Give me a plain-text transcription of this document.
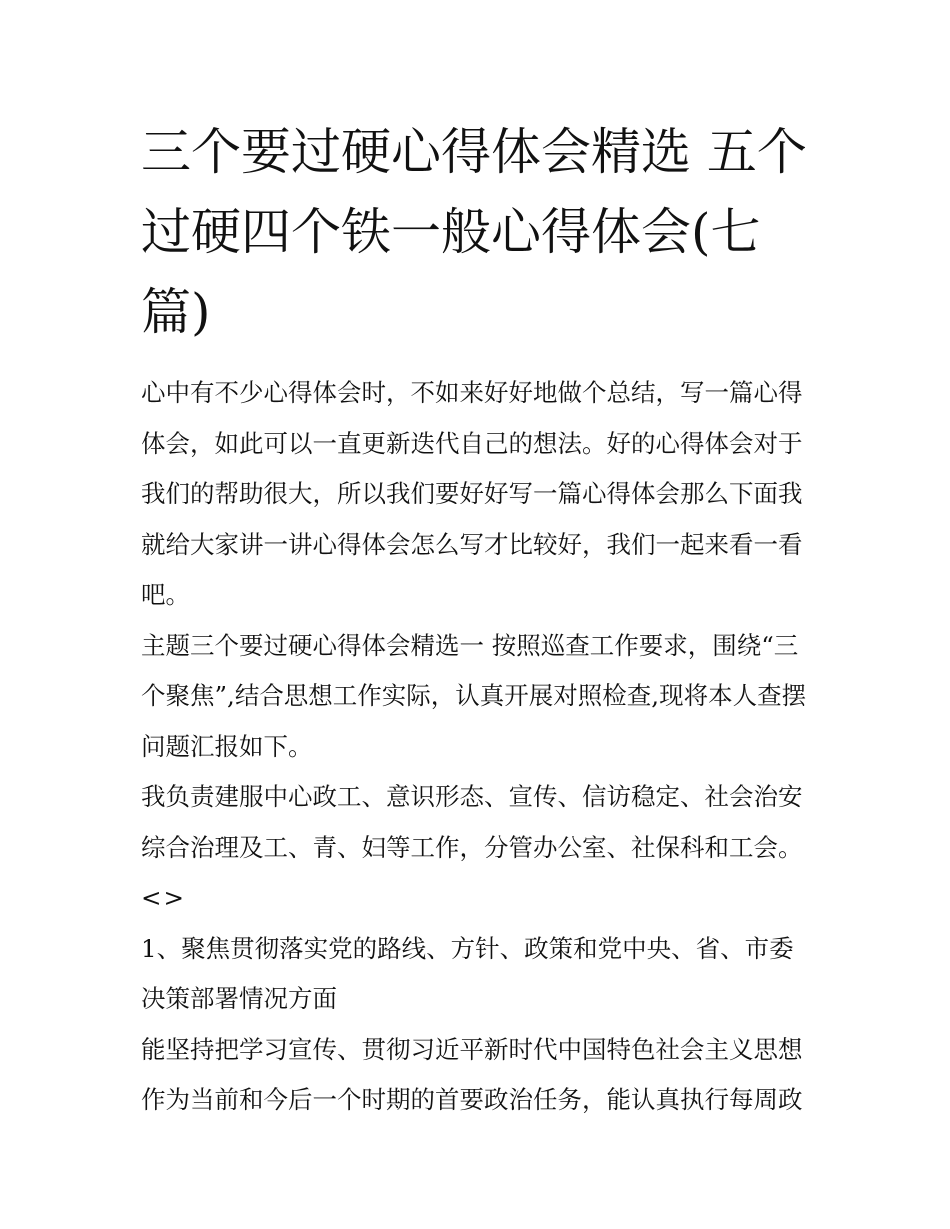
三个要过硬心得体会精选 五个过硬四个铁一般心得体会(七篇)

心中有不少心得体会时，不如来好好地做个总结，写一篇心得体会，如此可以一直更新迭代自己的想法。好的心得体会对于我们的帮助很大，所以我们要好好写一篇心得体会那么下面我就给大家讲一讲心得体会怎么写才比较好，我们一起来看一看吧。

主题三个要过硬心得体会精选一 按照巡查工作要求，围绕“三个聚焦”,结合思想工作实际，认真开展对照检查,现将本人查摆问题汇报如下。

我负责建服中心政工、意识形态、宣传、信访稳定、社会治安综合治理及工、青、妇等工作，分管办公室、社保科和工会。

<>

1、聚焦贯彻落实党的路线、方针、政策和党中央、省、市委决策部署情况方面

能坚持把学习宣传、贯彻习近平新时代中国特色社会主义思想作为当前和今后一个时期的首要政治任务，能认真执行每周政
